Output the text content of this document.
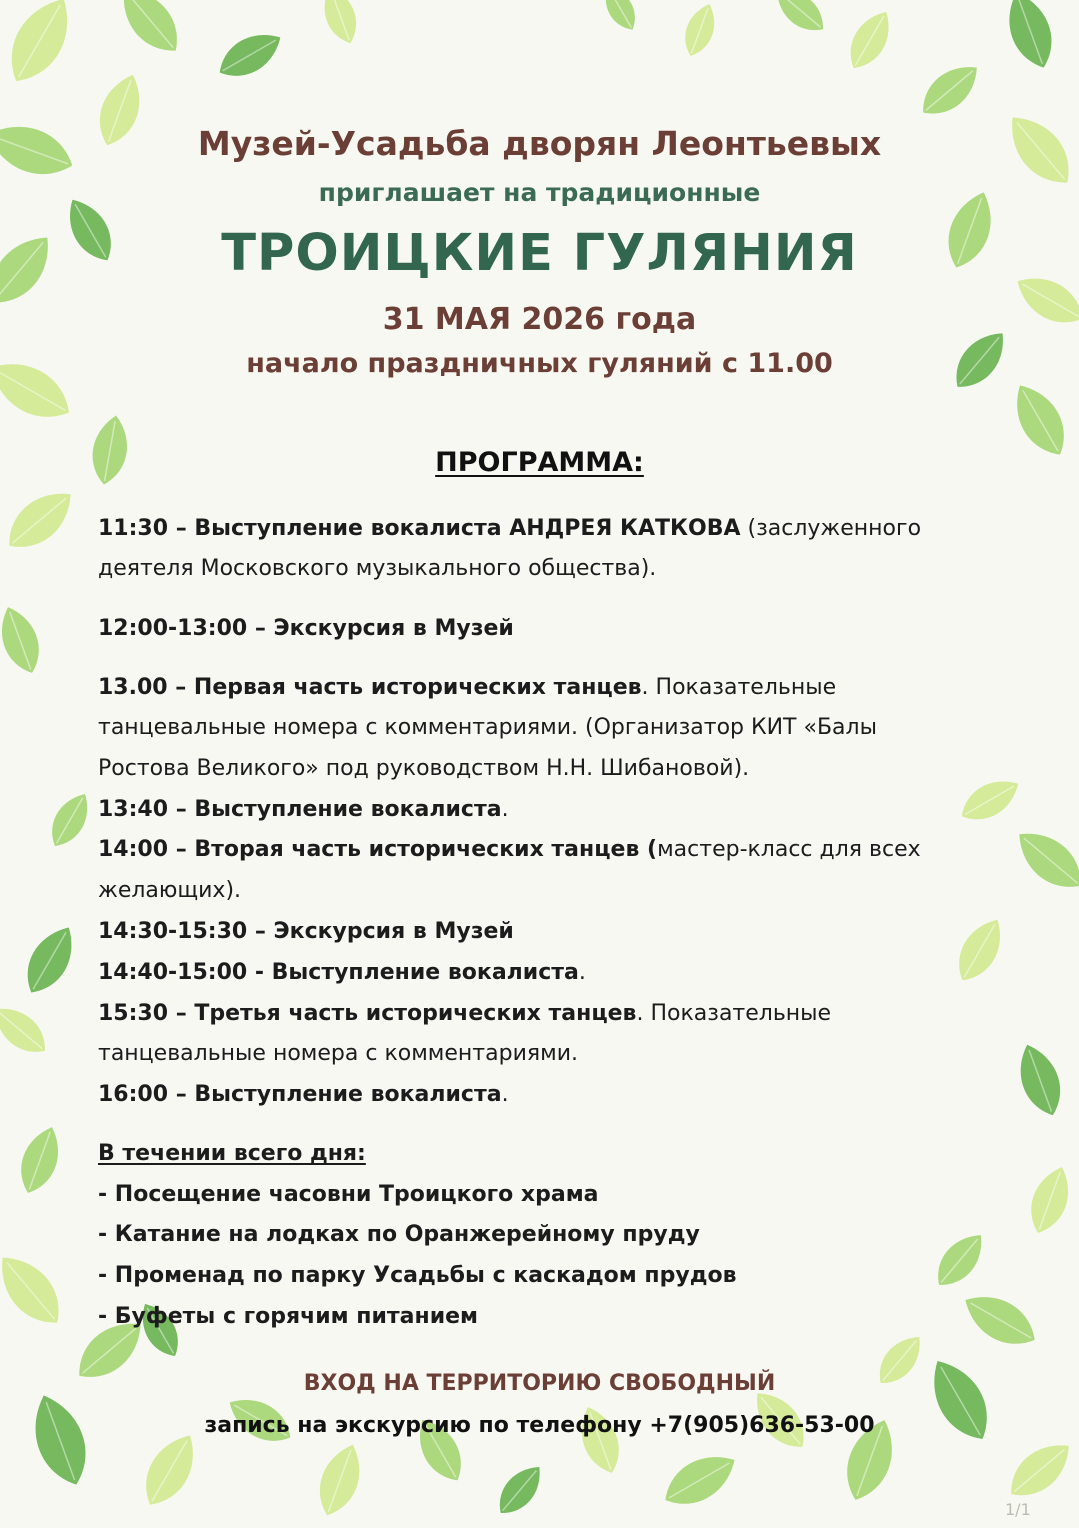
Музей-Усадьба дворян Леонтьевых
приглашает на традиционные
ТРОИЦКИЕ ГУЛЯНИЯ
31 МАЯ 2026 года
начало праздничных гуляний с 11.00
ПРОГРАММА:
11:30 – Выступление вокалиста АНДРЕЯ КАТКОВА (заслуженного
деятеля Московского музыкального общества).
12:00-13:00 – Экскурсия в Музей
13.00 – Первая часть исторических танцев. Показательные
танцевальные номера с комментариями. (Организатор КИТ «Балы
Ростова Великого» под руководством Н.Н. Шибановой).
13:40 – Выступление вокалиста.
14:00 – Вторая часть исторических танцев (мастер-класс для всех
желающих).
14:30-15:30 – Экскурсия в Музей
14:40-15:00 - Выступление вокалиста.
15:30 – Третья часть исторических танцев. Показательные
танцевальные номера с комментариями.
16:00 – Выступление вокалиста.
В течении всего дня:
- Посещение часовни Троицкого храма
- Катание на лодках по Оранжерейному пруду
- Променад по парку Усадьбы с каскадом прудов
- Буфеты с горячим питанием
ВХОД НА ТЕРРИТОРИЮ СВОБОДНЫЙ
запись на экскурсию по телефону +7(905)636-53-00
1/1
